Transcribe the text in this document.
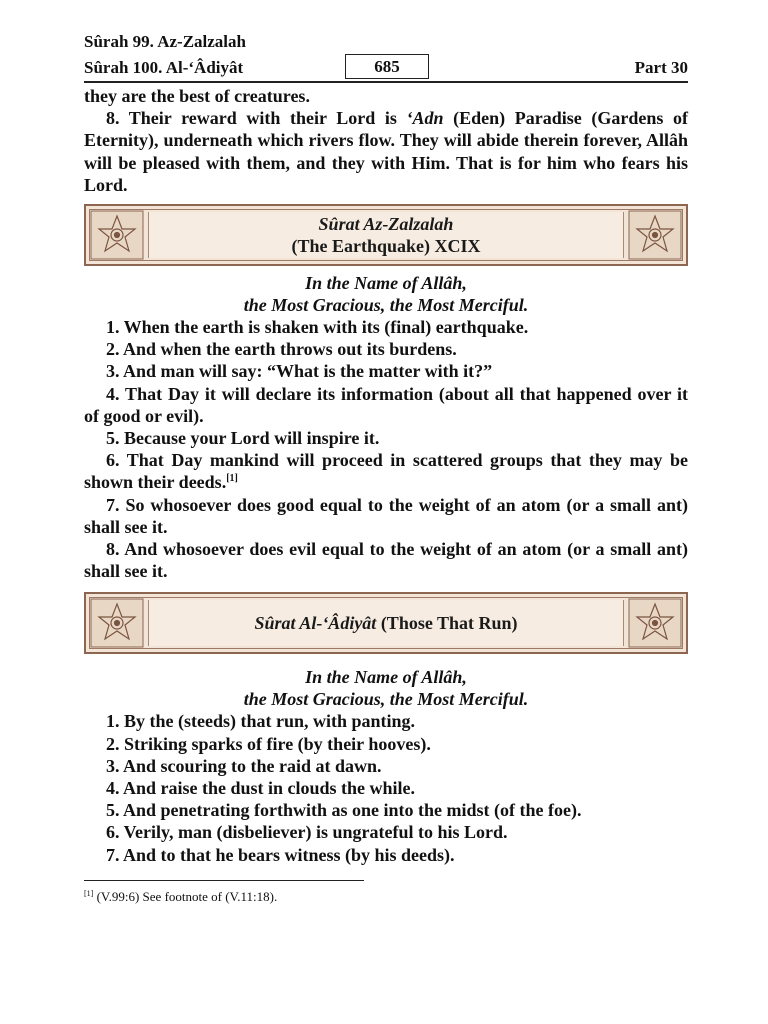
Sûrah 99. Az-Zalzalah
Sûrah 100. Al-‘Âdiyât	685	Part 30

they are the best of creatures.

8. Their reward with their Lord is ‘Adn (Eden) Paradise (Gardens of Eternity), underneath which rivers flow. They will abide therein forever, Allâh will be pleased with them, and they with Him. That is for him who fears his Lord.

Sûrat Az-Zalzalah
(The Earthquake) XCIX
In the Name of Allâh,
the Most Gracious, the Most Merciful.

1. When the earth is shaken with its (final) earthquake.

2. And when the earth throws out its burdens.

3. And man will say: “What is the matter with it?”

4. That Day it will declare its information (about all that happened over it of good or evil).

5. Because your Lord will inspire it.

6. That Day mankind will proceed in scattered groups that they may be shown their deeds.[1]

7. So whosoever does good equal to the weight of an atom (or a small ant) shall see it.

8. And whosoever does evil equal to the weight of an atom (or a small ant) shall see it.

Sûrat Al-‘Âdiyât (Those That Run)
In the Name of Allâh,
the Most Gracious, the Most Merciful.

1. By the (steeds) that run, with panting.

2. Striking sparks of fire (by their hooves).

3. And scouring to the raid at dawn.

4. And raise the dust in clouds the while.

5. And penetrating forthwith as one into the midst (of the foe).

6. Verily, man (disbeliever) is ungrateful to his Lord.

7. And to that he bears witness (by his deeds).

[1] (V.99:6) See footnote of (V.11:18).
